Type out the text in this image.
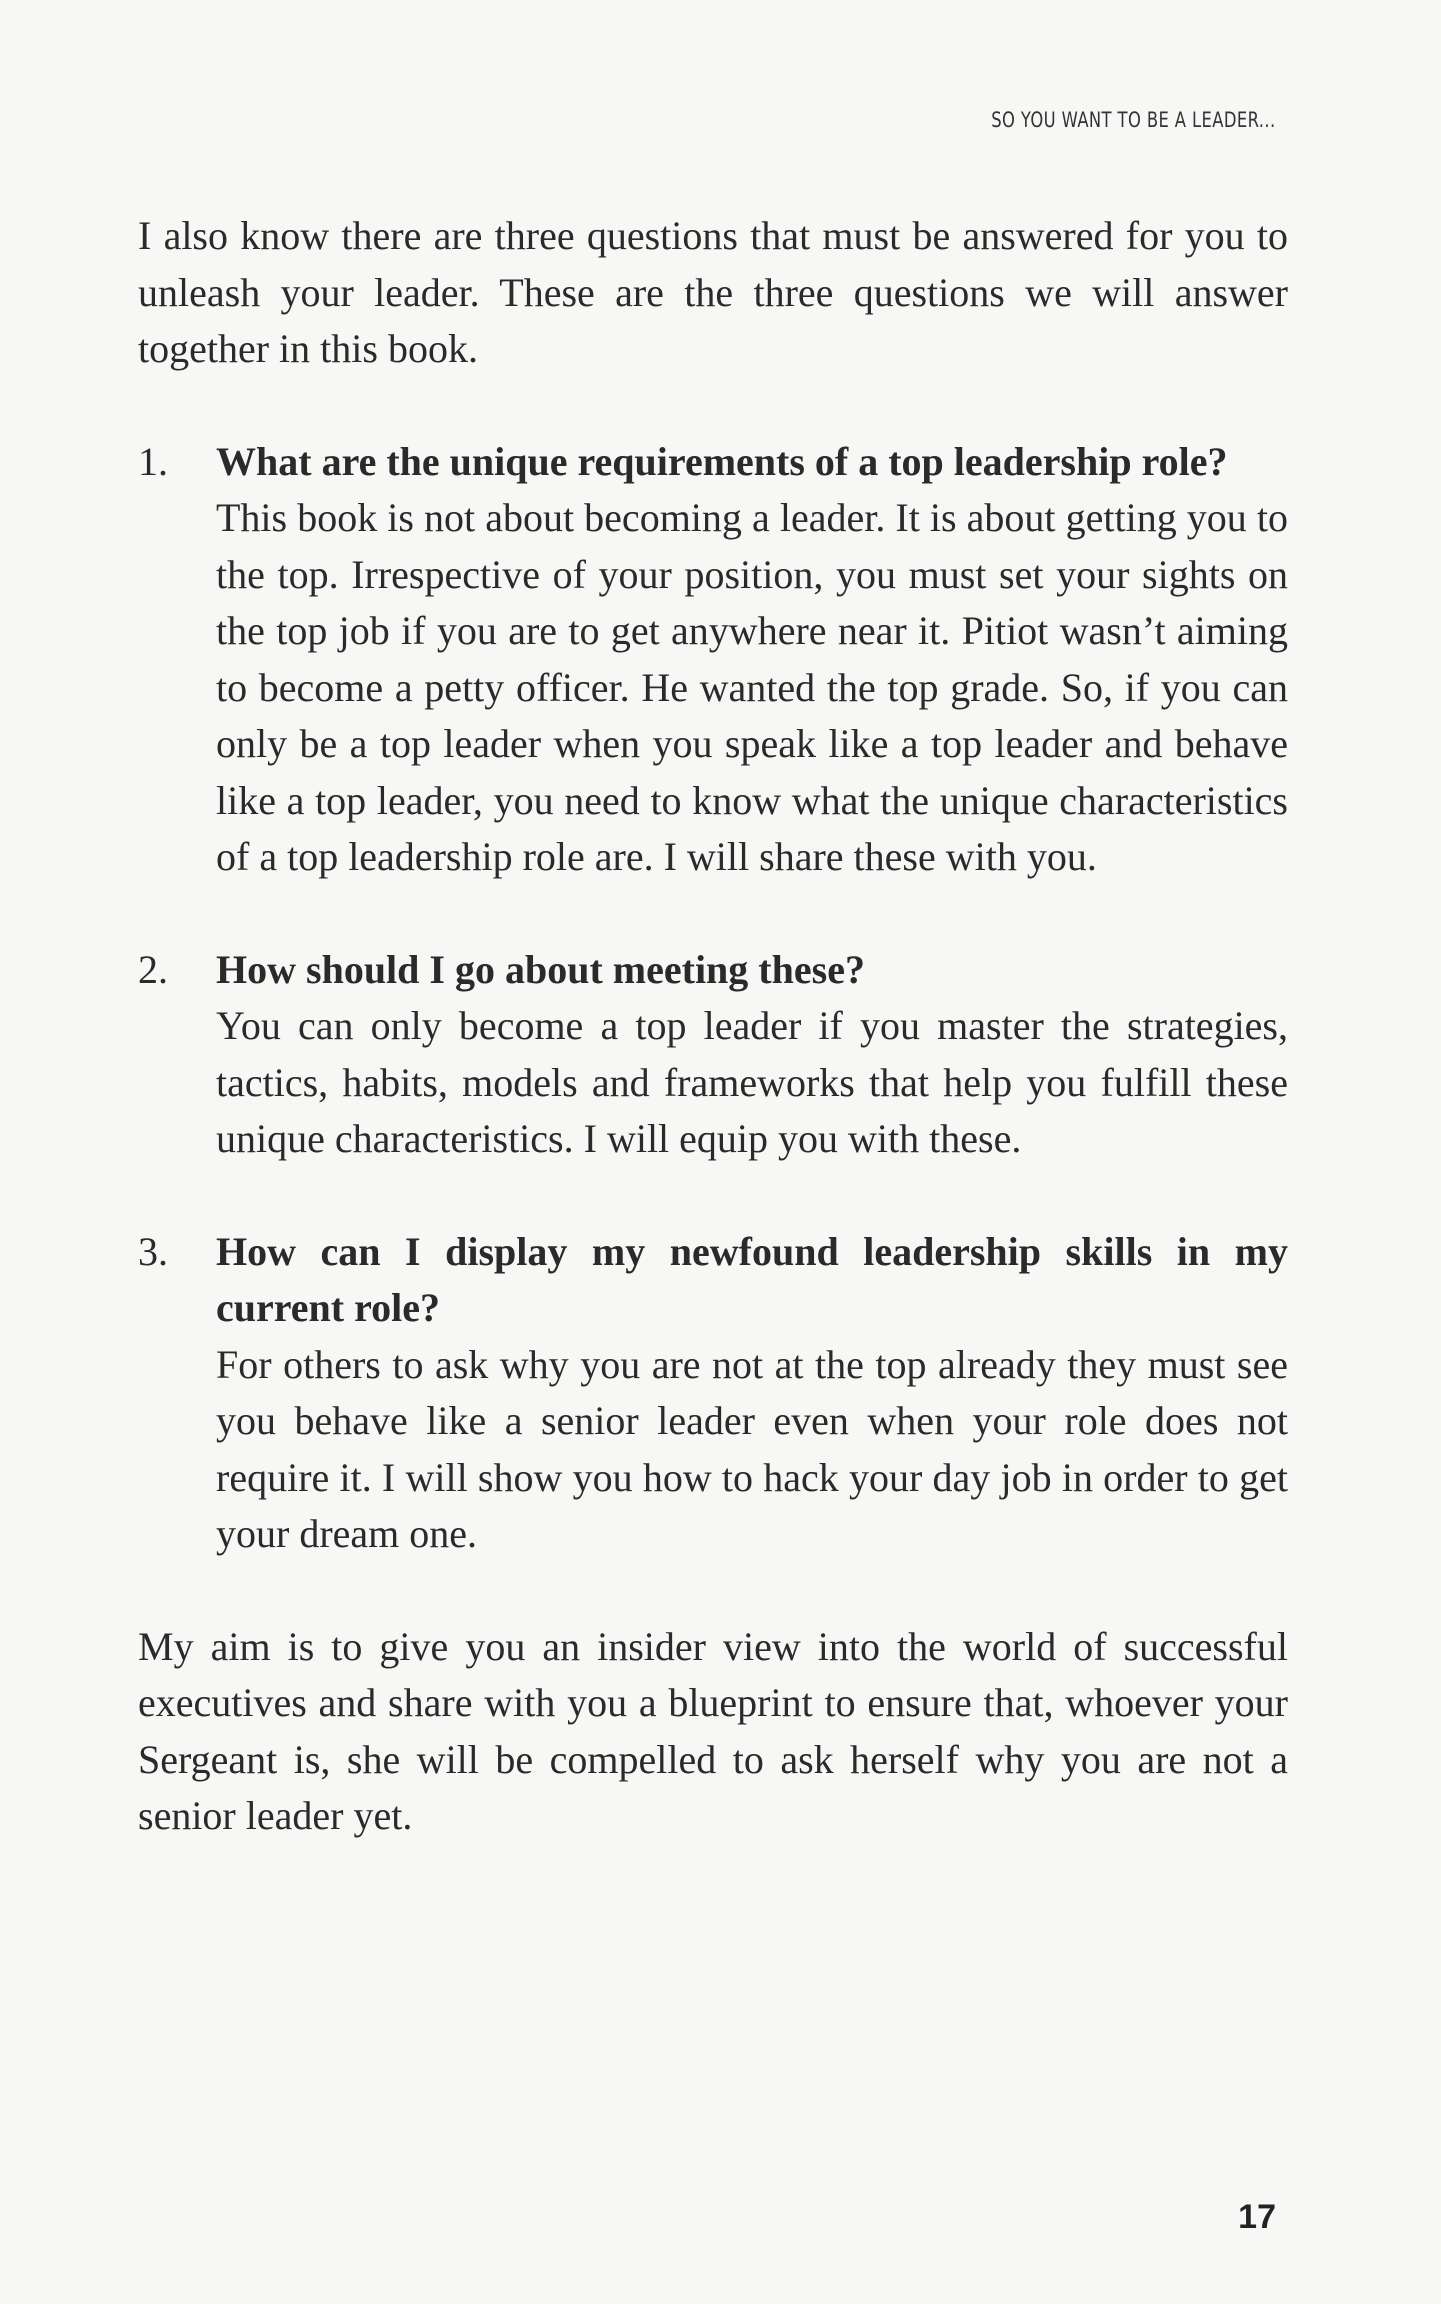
SO YOU WANT TO BE A LEADER...

I also know there are three questions that must be answered for you to unleash your leader. These are the three questions we will answer together in this book.

1. What are the unique requirements of a top leadership role?
This book is not about becoming a leader. It is about getting you to the top. Irrespective of your position, you must set your sights on the top job if you are to get anywhere near it. Pitiot wasn’t aiming to become a petty officer. He wanted the top grade. So, if you can only be a top leader when you speak like a top leader and behave like a top leader, you need to know what the unique characteristics of a top leadership role are. I will share these with you.
2. How should I go about meeting these?
You can only become a top leader if you master the strategies, tactics, habits, models and frameworks that help you fulfill these unique characteristics. I will equip you with these.
3. How can I display my newfound leadership skills in my current role?
For others to ask why you are not at the top already they must see you behave like a senior leader even when your role does not require it. I will show you how to hack your day job in order to get your dream one.

My aim is to give you an insider view into the world of successful executives and share with you a blueprint to ensure that, whoever your Sergeant is, she will be compelled to ask herself why you are not a senior leader yet.

17
